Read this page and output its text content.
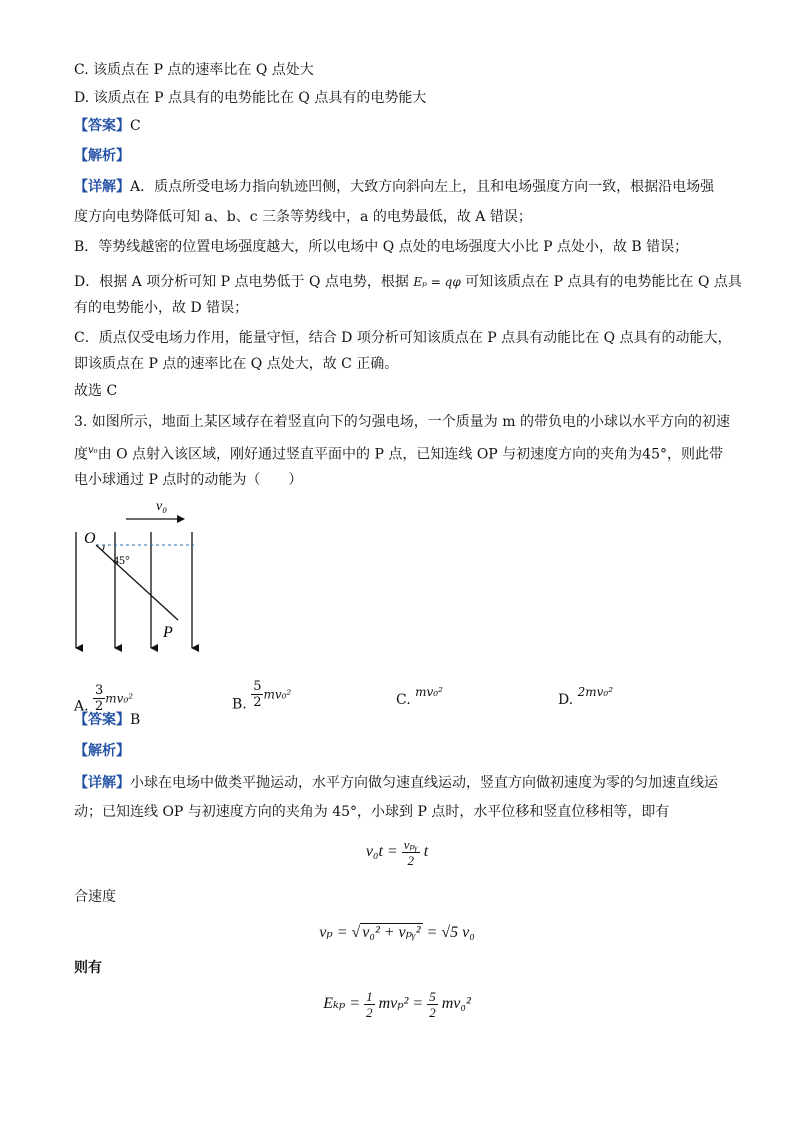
C. 该质点在 P 点的速率比在 Q 点处大
D. 该质点在 P 点具有的电势能比在 Q 点具有的电势能大
【答案】C
【解析】
【详解】A．质点所受电场力指向轨迹凹侧，大致方向斜向左上，且和电场强度方向一致，根据沿电场强
度方向电势降低可知 a、b、c 三条等势线中，a 的电势最低，故 A 错误；
B．等势线越密的位置电场强度越大，所以电场中 Q 点处的电场强度大小比 P 点处小，故 B 错误；
D．根据 A 项分析可知 P 点电势低于 Q 点电势，根据 Eₚ = qφ 可知该质点在 P 点具有的电势能比在 Q 点具
有的电势能小，故 D 错误；
C．质点仅受电场力作用，能量守恒，结合 D 项分析可知该质点在 P 点具有动能比在 Q 点具有的动能大，
即该质点在 P 点的速率比在 Q 点处大，故 C 正确。
故选 C
3. 如图所示，地面上某区域存在着竖直向下的匀强电场，一个质量为 m 的带负电的小球以水平方向的初速
度$^{v_0}$由 O 点射入该区域，刚好通过竖直平面中的 P 点，已知连线 OP 与初速度方向的夹角为45°，则此带
电小球通过 P 点时的动能为（　　）
v₀
O
45°
P
A. $\frac{3}{2} mv_0^2$	B. $\frac{5}{2} mv_0^2$	C. mv₀²	D. 2mv₀²
【答案】B
【解析】
【详解】小球在电场中做类平抛运动，水平方向做匀速直线运动，竖直方向做初速度为零的匀加速直线运
动；已知连线 OP 与初速度方向的夹角为 45°，小球到 P 点时，水平位移和竖直位移相等，即有
$v_0t = \frac{\text{vₚᵧ}}{2}$ t
合速度
vₚ = √ v₀² + vₚᵧ² = √5 v₀
则有
$E_{kp} = \frac{1}{2} mv_p^2 = \frac{5}{2} mv_0^2$
